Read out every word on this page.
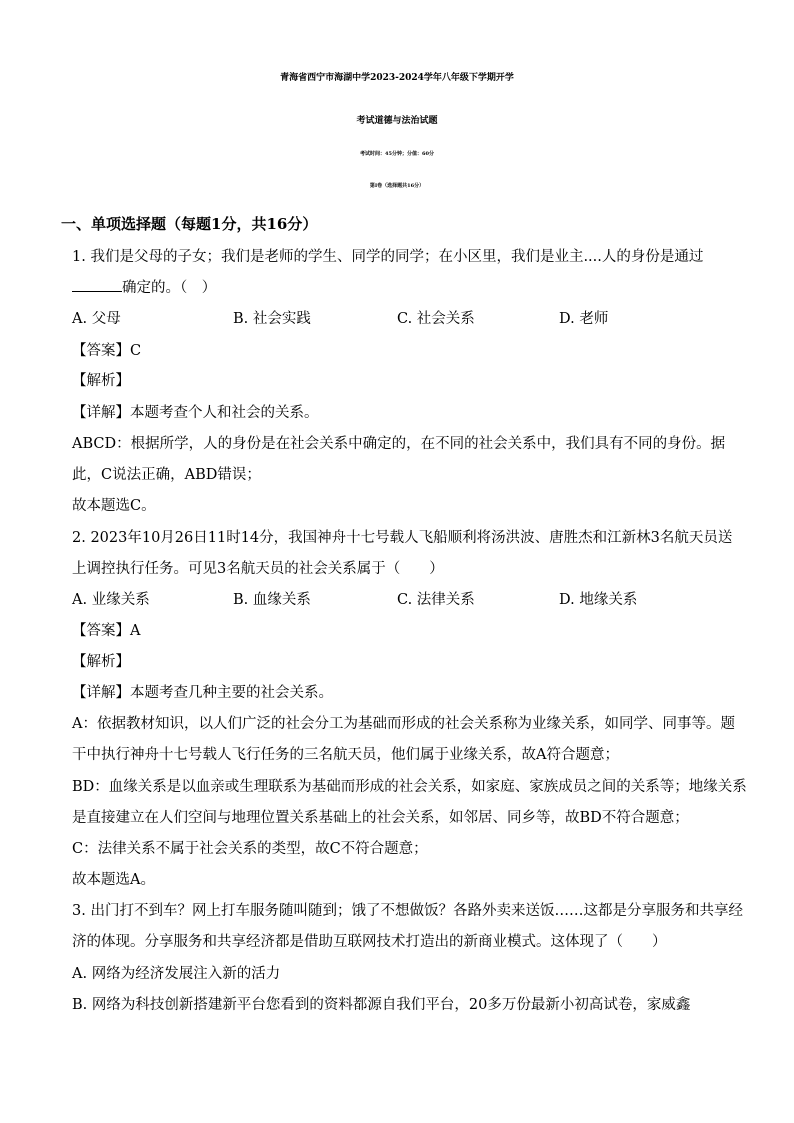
青海省西宁市海湖中学2023-2024学年八年级下学期开学
考试道德与法治试题
考试时间：45分钟；分值：60分
第Ⅰ卷（选择题共16分）
一、单项选择题（每题1分，共16分）
1. 我们是父母的子女；我们是老师的学生、同学的同学；在小区里，我们是业主....人的身份是通过
确定的。（　）
A. 父母	B. 社会实践	C. 社会关系	D. 老师
【答案】C
【解析】
【详解】本题考查个人和社会的关系。
ABCD：根据所学，人的身份是在社会关系中确定的，在不同的社会关系中，我们具有不同的身份。据
此，C说法正确，ABD错误；
故本题选C。
2. 2023年10月26日11时14分，我国神舟十七号载人飞船顺利将汤洪波、唐胜杰和江新林3名航天员送
上调控执行任务。可见3名航天员的社会关系属于（　　）
A. 业缘关系	B. 血缘关系	C. 法律关系	D. 地缘关系
【答案】A
【解析】
【详解】本题考查几种主要的社会关系。
A：依据教材知识，以人们广泛的社会分工为基础而形成的社会关系称为业缘关系，如同学、同事等。题
干中执行神舟十七号载人飞行任务的三名航天员，他们属于业缘关系，故A符合题意；
BD：血缘关系是以血亲或生理联系为基础而形成的社会关系，如家庭、家族成员之间的关系等；地缘关系
是直接建立在人们空间与地理位置关系基础上的社会关系，如邻居、同乡等，故BD不符合题意；
C：法律关系不属于社会关系的类型，故C不符合题意；
故本题选A。
3. 出门打不到车？网上打车服务随叫随到；饿了不想做饭？各路外卖来送饭……这都是分享服务和共享经
济的体现。分享服务和共享经济都是借助互联网技术打造出的新商业模式。这体现了（　　）
A. 网络为经济发展注入新的活力
B. 网络为科技创新搭建新平台您看到的资料都源自我们平台，20多万份最新小初高试卷，家威鑫
